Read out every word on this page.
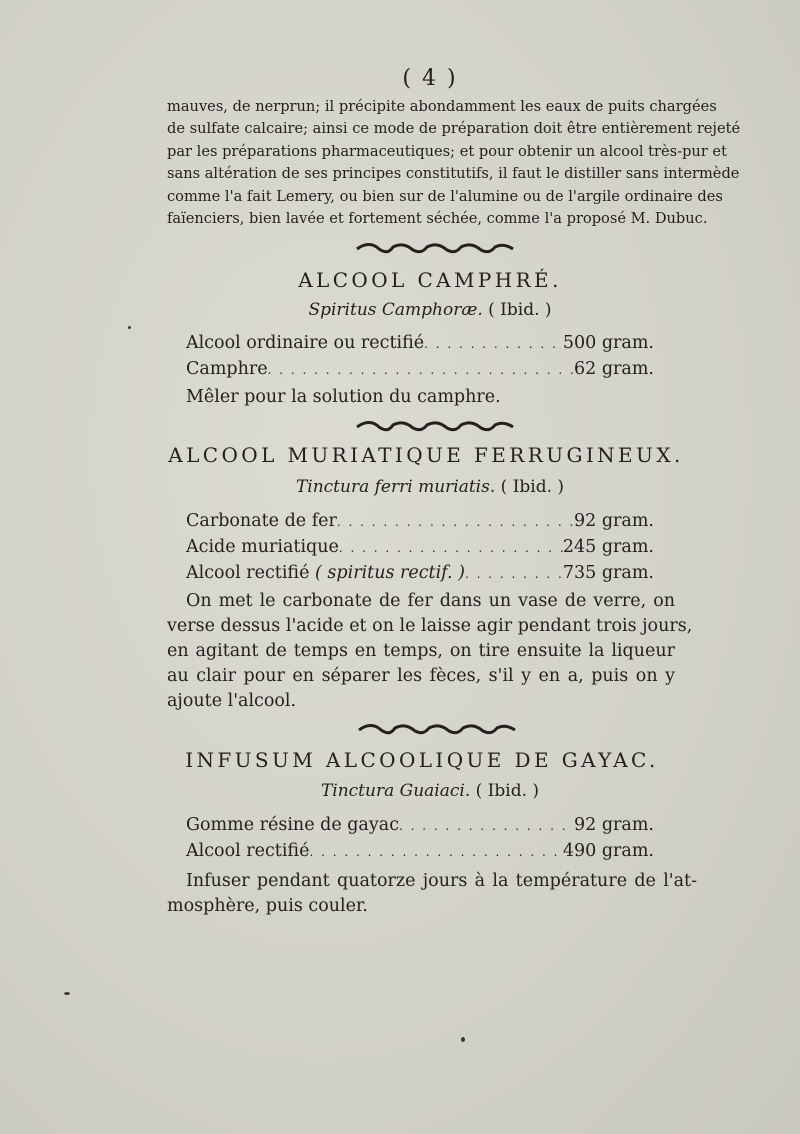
( 4 )
mauves, de nerprun; il précipite abondamment les eaux de puits chargées
de sulfate calcaire; ainsi ce mode de préparation doit être entièrement rejeté
par les préparations pharmaceutiques; et pour obtenir un alcool très-pur et
sans altération de ses principes constitutifs, il faut le distiller sans intermède
comme l'a fait Lemery, ou bien sur de l'alumine ou de l'argile ordinaire des
faïenciers, bien lavée et fortement séchée, comme l'a proposé M. Dubuc.
ALCOOL CAMPHRÉ.
Spiritus Camphoræ. ( Ibid. )
Alcool ordinaire ou rectifié . . .	500 gram.
Camphre . . .	62 gram.
Mêler pour la solution du camphre.
ALCOOL MURIATIQUE FERRUGINEUX.
Tinctura ferri muriatis. ( Ibid. )
Carbonate de fer . . .	92 gram.
Acide muriatique . . .	245 gram.
Alcool rectifié ( spiritus rectif. ) . . .	735 gram.
On met le carbonate de fer dans un vase de verre, on
verse dessus l'acide et on le laisse agir pendant trois jours,
en agitant de temps en temps, on tire ensuite la liqueur
au clair pour en séparer les fèces, s'il y en a, puis on y
ajoute l'alcool.
INFUSUM ALCOOLIQUE DE GAYAC.
Tinctura Guaiaci. ( Ibid. )
Gomme résine de gayac . . .	92 gram.
Alcool rectifié . . .	490 gram.
Infuser pendant quatorze jours à la température de l'at-
mosphère, puis couler.
